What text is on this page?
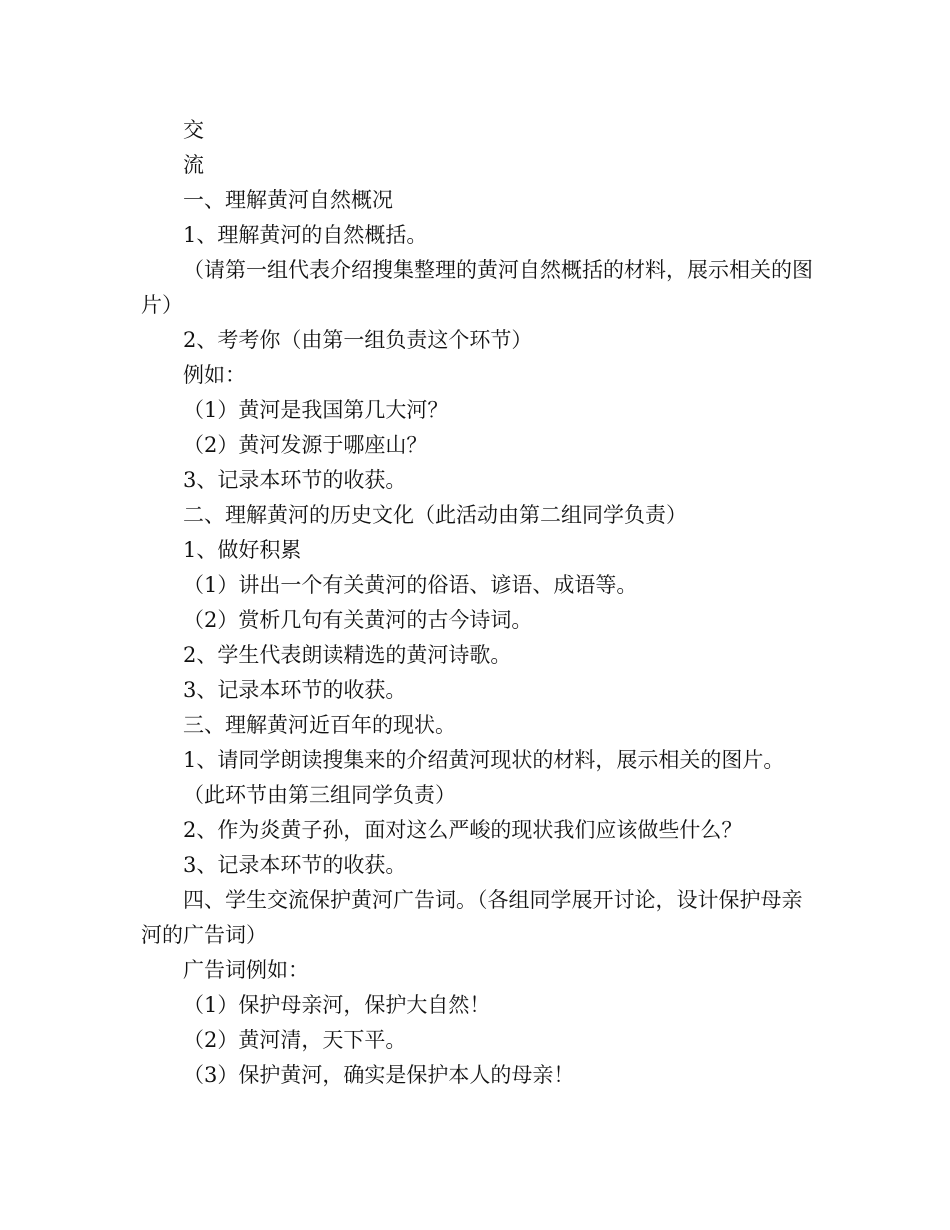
交

流

一、理解黄河自然概况

1、理解黄河的自然概括。

（请第一组代表介绍搜集整理的黄河自然概括的材料，展示相关的图片）

2、考考你（由第一组负责这个环节）

例如：

（1）黄河是我国第几大河？

（2）黄河发源于哪座山？

3、记录本环节的收获。

二、理解黄河的历史文化（此活动由第二组同学负责）

1、做好积累

（1）讲出一个有关黄河的俗语、谚语、成语等。

（2）赏析几句有关黄河的古今诗词。

2、学生代表朗读精选的黄河诗歌。

3、记录本环节的收获。

三、理解黄河近百年的现状。

1、请同学朗读搜集来的介绍黄河现状的材料，展示相关的图片。

（此环节由第三组同学负责）

2、作为炎黄子孙，面对这么严峻的现状我们应该做些什么？

3、记录本环节的收获。

四、学生交流保护黄河广告词。（各组同学展开讨论，设计保护母亲河的广告词）

广告词例如：

（1）保护母亲河，保护大自然！

（2）黄河清，天下平。

（3）保护黄河，确实是保护本人的母亲！
